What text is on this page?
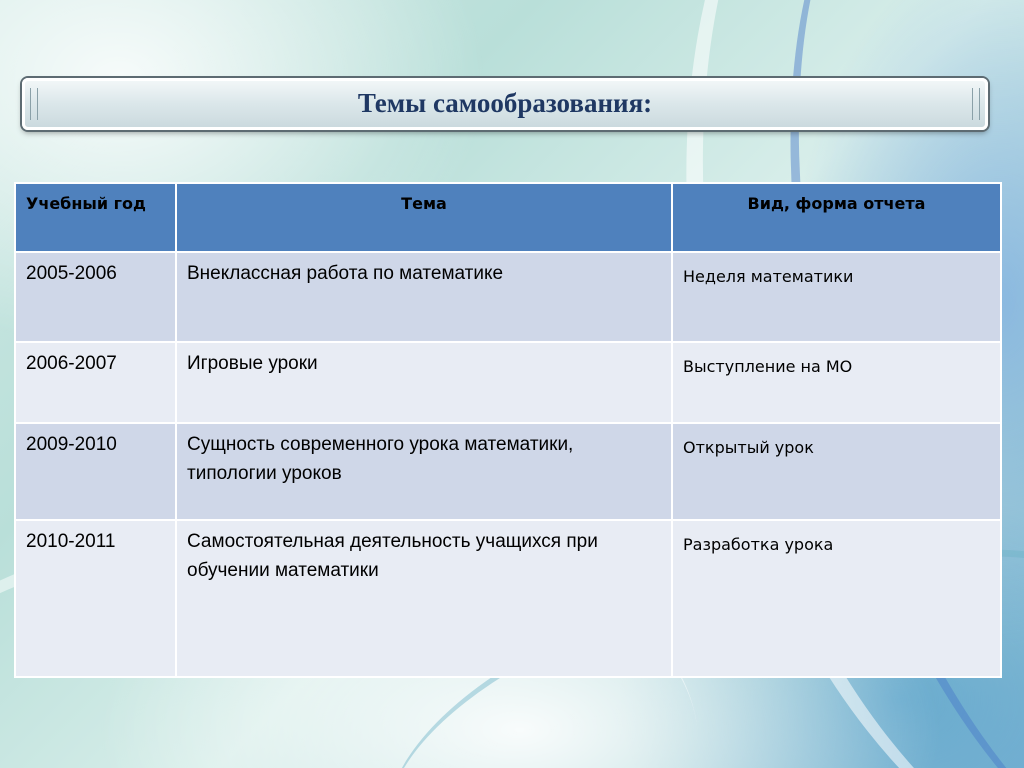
Темы самообразования:
Учебный год	Тема	Вид, форма отчета
2005-2006	Внеклассная работа по математике	Неделя математики
2006-2007	Игровые уроки	Выступление на МО
2009-2010	Сущность современного урока математики, типологии уроков	Открытый урок
2010-2011	Самостоятельная деятельность учащихся при обучении математики	Разработка урока
